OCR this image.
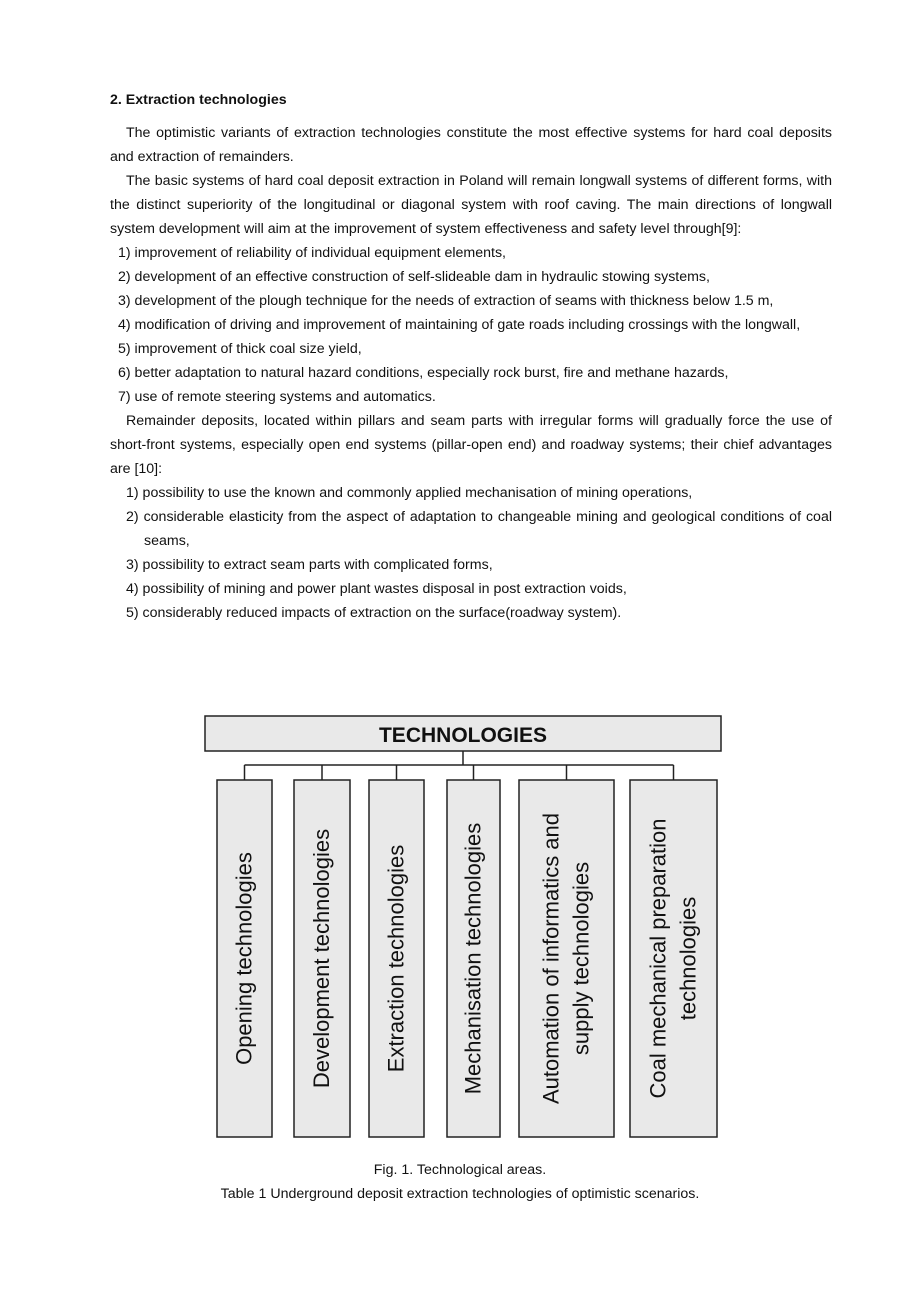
2. Extraction technologies

The optimistic variants of extraction technologies constitute the most effective systems for hard coal deposits and extraction of remainders.

The basic systems of hard coal deposit extraction in Poland will remain longwall systems of different forms, with the distinct superiority of the longitudinal or diagonal system with roof caving. The main directions of longwall system development will aim at the improvement of system effectiveness and safety level through[9]:

1) improvement of reliability of individual equipment elements,
2) development of an effective construction of self-slideable dam in hydraulic stowing systems,
3) development of the plough technique for the needs of extraction of seams with thickness below 1.5 m,
4) modification of driving and improvement of maintaining of gate roads including crossings with the longwall,
5) improvement of thick coal size yield,
6) better adaptation to natural hazard conditions, especially rock burst, fire and methane hazards,
7) use of remote steering systems and automatics.

Remainder deposits, located within pillars and seam parts with irregular forms will gradually force the use of short-front systems, especially open end systems (pillar-open end) and roadway systems; their chief advantages are [10]:

1) possibility to use the known and commonly applied mechanisation of mining operations,
2) considerable elasticity from the aspect of adaptation to changeable mining and geological conditions of coal seams,
3) possibility to extract seam parts with complicated forms,
4) possibility of mining and power plant wastes disposal in post extraction voids,
5) considerably reduced impacts of extraction on the surface(roadway system).
TECHNOLOGIES
Opening technologies Development technologies Extraction technologies Mechanisation technologies Automation of informatics and supply technologies Coal mechanical preparation technologies
Fig. 1. Technological areas.
Table 1 Underground deposit extraction technologies of optimistic scenarios.
